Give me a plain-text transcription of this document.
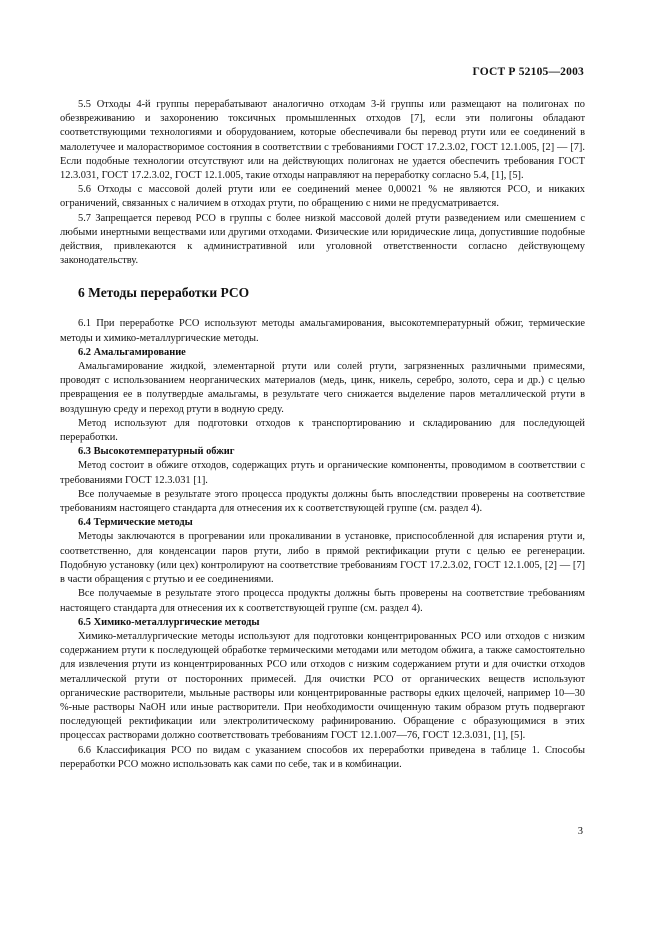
ГОСТ Р 52105—2003

5.5 Отходы 4-й группы перерабатывают аналогично отходам 3-й группы или размещают на полигонах по обезвреживанию и захоронению токсичных промышленных отходов [7], если эти полигоны обладают соответствующими технологиями и оборудованием, которые обеспечивали бы перевод ртути или ее соединений в малолетучее и малорастворимое состояния в соответствии с требованиями ГОСТ 17.2.3.02, ГОСТ 12.1.005, [2] — [7]. Если подобные технологии отсутствуют или на действующих полигонах не удается обеспечить требования ГОСТ 12.3.031, ГОСТ 17.2.3.02, ГОСТ 12.1.005, такие отходы направляют на переработку согласно 5.4, [1], [5].

5.6 Отходы с массовой долей ртути или ее соединений менее 0,00021 % не являются РСО, и никаких ограничений, связанных с наличием в отходах ртути, по обращению с ними не предусматривается.

5.7 Запрещается перевод РСО в группы с более низкой массовой долей ртути разведением или смешением с любыми инертными веществами или другими отходами. Физические или юридические лица, допустившие подобные действия, привлекаются к административной или уголовной ответственности согласно действующему законодательству.

6 Методы переработки РСО

6.1 При переработке РСО используют методы амальгамирования, высокотемпературный обжиг, термические методы и химико-металлургические методы.

6.2 Амальгамирование

Амальгамирование жидкой, элементарной ртути или солей ртути, загрязненных различными примесями, проводят с использованием неорганических материалов (медь, цинк, никель, серебро, золото, сера и др.) с целью превращения ее в полутвердые амальгамы, в результате чего снижается выделение паров металлической ртути в воздушную среду и переход ртути в водную среду.

Метод используют для подготовки отходов к транспортированию и складированию для последующей переработки.

6.3 Высокотемпературный обжиг

Метод состоит в обжиге отходов, содержащих ртуть и органические компоненты, проводимом в соответствии с требованиями ГОСТ 12.3.031 [1].

Все получаемые в результате этого процесса продукты должны быть впоследствии проверены на соответствие требованиям настоящего стандарта для отнесения их к соответствующей группе (см. раздел 4).

6.4 Термические методы

Методы заключаются в прогревании или прокаливании в установке, приспособленной для испарения ртути и, соответственно, для конденсации паров ртути, либо в прямой ректификации ртути с целью ее регенерации. Подобную установку (или цех) контролируют на соответствие требованиям ГОСТ 17.2.3.02, ГОСТ 12.1.005, [2] — [7] в части обращения с ртутью и ее соединениями.

Все получаемые в результате этого процесса продукты должны быть проверены на соответствие требованиям настоящего стандарта для отнесения их к соответствующей группе (см. раздел 4).

6.5 Химико-металлургические методы

Химико-металлургические методы используют для подготовки концентрированных РСО или отходов с низким содержанием ртути к последующей обработке термическими методами или методом обжига, а также самостоятельно для извлечения ртути из концентрированных РСО или отходов с низким содержанием ртути и для очистки отходов металлической ртути от посторонних примесей. Для очистки РСО от органических веществ используют органические растворители, мыльные растворы или концентрированные растворы едких щелочей, например 10—30 %-ные растворы NaOH или иные растворители. При необходимости очищенную таким образом ртуть подвергают последующей ректификации или электролитическому рафинированию. Обращение с образующимися в этих процессах растворами должно соответствовать требованиям ГОСТ 12.1.007—76, ГОСТ 12.3.031, [1], [5].

6.6 Классификация РСО по видам с указанием способов их переработки приведена в таблице 1. Способы переработки РСО можно использовать как сами по себе, так и в комбинации.

3
